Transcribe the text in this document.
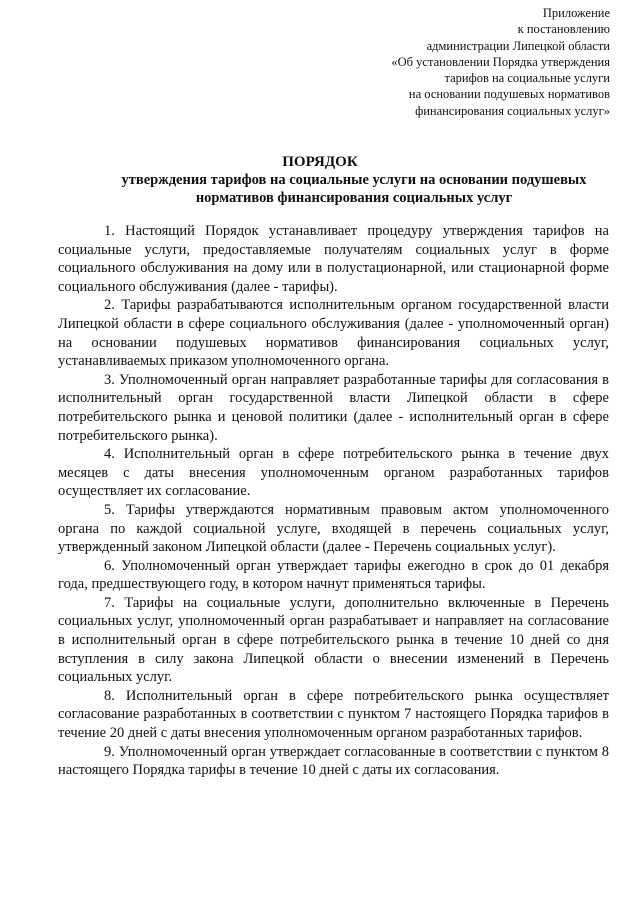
Приложение
к постановлению
администрации Липецкой области
«Об установлении Порядка утверждения
тарифов на социальные услуги
на основании подушевых нормативов
финансирования социальных услуг»
ПОРЯДОК
утверждения тарифов на социальные услуги на основании подушевых
нормативов финансирования социальных услуг

1. Настоящий Порядок устанавливает процедуру утверждения тарифов на социальные услуги, предоставляемые получателям социальных услуг в форме социального обслуживания на дому или в полустационарной, или стационарной форме социального обслуживания (далее - тарифы).

2. Тарифы разрабатываются исполнительным органом государственной власти Липецкой области в сфере социального обслуживания (далее - уполномоченный орган) на основании подушевых нормативов финансирования социальных услуг, устанавливаемых приказом уполномоченного органа.

3. Уполномоченный орган направляет разработанные тарифы для согласования в исполнительный орган государственной власти Липецкой области в сфере потребительского рынка и ценовой политики (далее - исполнительный орган в сфере потребительского рынка).

4. Исполнительный орган в сфере потребительского рынка в течение двух месяцев с даты внесения уполномоченным органом разработанных тарифов осуществляет их согласование.

5. Тарифы утверждаются нормативным правовым актом уполномоченного органа по каждой социальной услуге, входящей в перечень социальных услуг, утвержденный законом Липецкой области (далее - Перечень социальных услуг).

6. Уполномоченный орган утверждает тарифы ежегодно в срок до 01 декабря года, предшествующего году, в котором начнут применяться тарифы.

7. Тарифы на социальные услуги, дополнительно включенные в Перечень социальных услуг, уполномоченный орган разрабатывает и направляет на согласование в исполнительный орган в сфере потребительского рынка в течение 10 дней со дня вступления в силу закона Липецкой области о внесении изменений в Перечень социальных услуг.

8. Исполнительный орган в сфере потребительского рынка осуществляет согласование разработанных в соответствии с пунктом 7 настоящего Порядка тарифов в течение 20 дней с даты внесения уполномоченным органом разработанных тарифов.

9. Уполномоченный орган утверждает согласованные в соответствии с пунктом 8 настоящего Порядка тарифы в течение 10 дней с даты их согласования.
